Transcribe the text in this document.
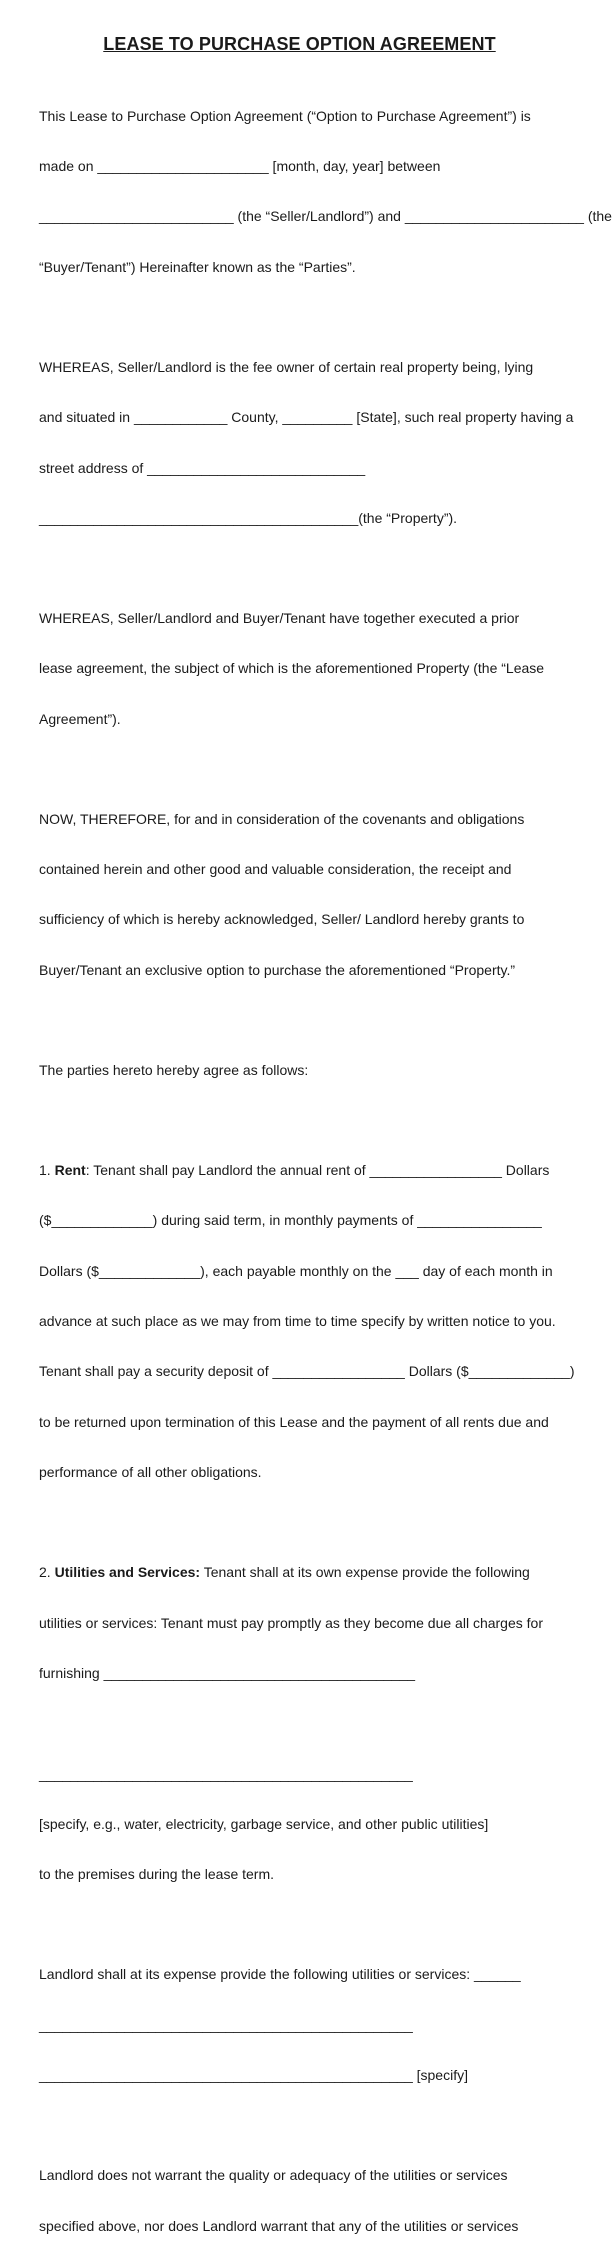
LEASE TO PURCHASE OPTION AGREEMENT

This Lease to Purchase Option Agreement (“Option to Purchase Agreement”) is

made on ______________________ [month, day, year] between

_________________________ (the “Seller/Landlord”) and _______________________ (the

“Buyer/Tenant”) Hereinafter known as the “Parties”.

WHEREAS, Seller/Landlord is the fee owner of certain real property being, lying

and situated in ____________ County, _________ [State], such real property having a

street address of ____________________________

_________________________________________(the “Property”).

WHEREAS, Seller/Landlord and Buyer/Tenant have together executed a prior

lease agreement, the subject of which is the aforementioned Property (the “Lease

Agreement”).

NOW, THEREFORE, for and in consideration of the covenants and obligations

contained herein and other good and valuable consideration, the receipt and

sufficiency of which is hereby acknowledged, Seller/ Landlord hereby grants to

Buyer/Tenant an exclusive option to purchase the aforementioned “Property.”

The parties hereto hereby agree as follows:

1. Rent: Tenant shall pay Landlord the annual rent of _________________ Dollars

($_____________) during said term, in monthly payments of ________________

Dollars ($_____________), each payable monthly on the ___ day of each month in

advance at such place as we may from time to time specify by written notice to you.

Tenant shall pay a security deposit of _________________ Dollars ($_____________)

to be returned upon termination of this Lease and the payment of all rents due and

performance of all other obligations.

2. Utilities and Services: Tenant shall at its own expense provide the following

utilities or services: Tenant must pay promptly as they become due all charges for

furnishing ________________________________________

________________________________________________

[specify, e.g., water, electricity, garbage service, and other public utilities]

to the premises during the lease term.

Landlord shall at its expense provide the following utilities or services: ______

________________________________________________

________________________________________________ [specify]

Landlord does not warrant the quality or adequacy of the utilities or services

specified above, nor does Landlord warrant that any of the utilities or services
